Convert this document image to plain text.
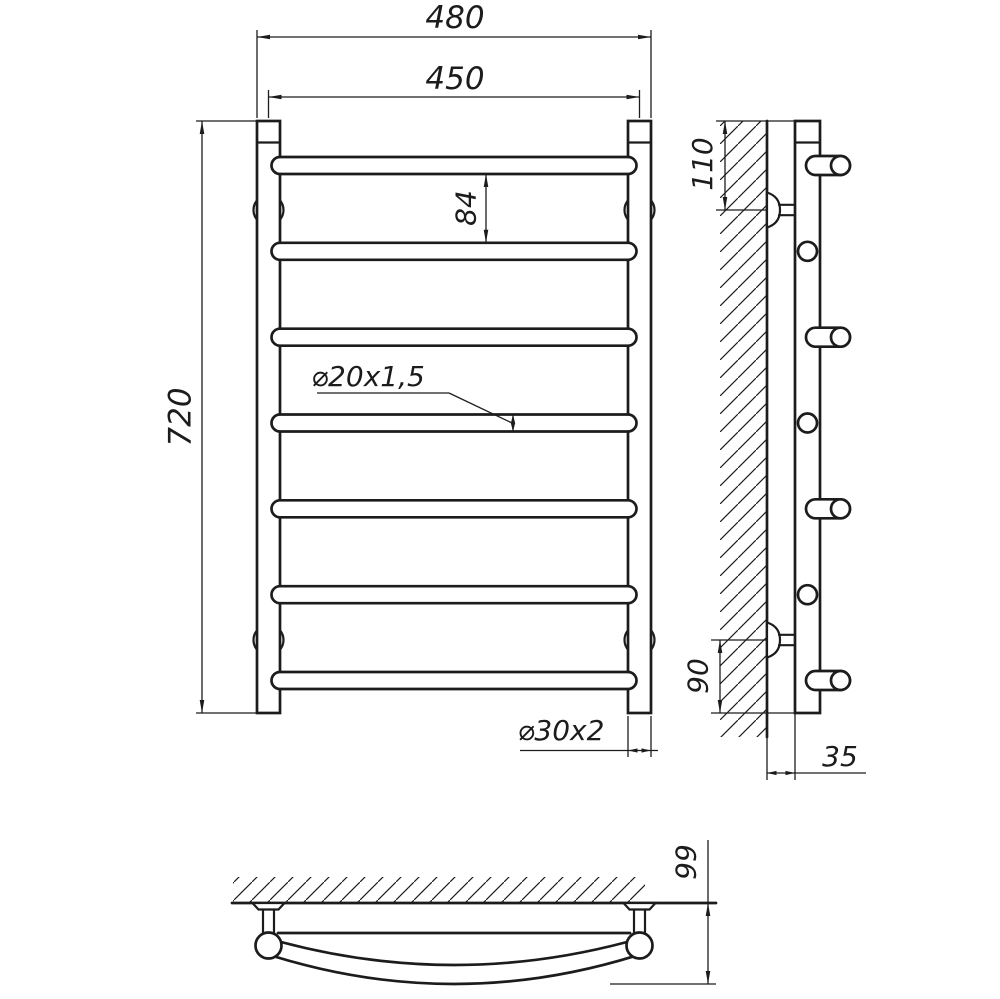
480
450
720
84
⌀20x1,5
⌀30x2
110
90
35
99
